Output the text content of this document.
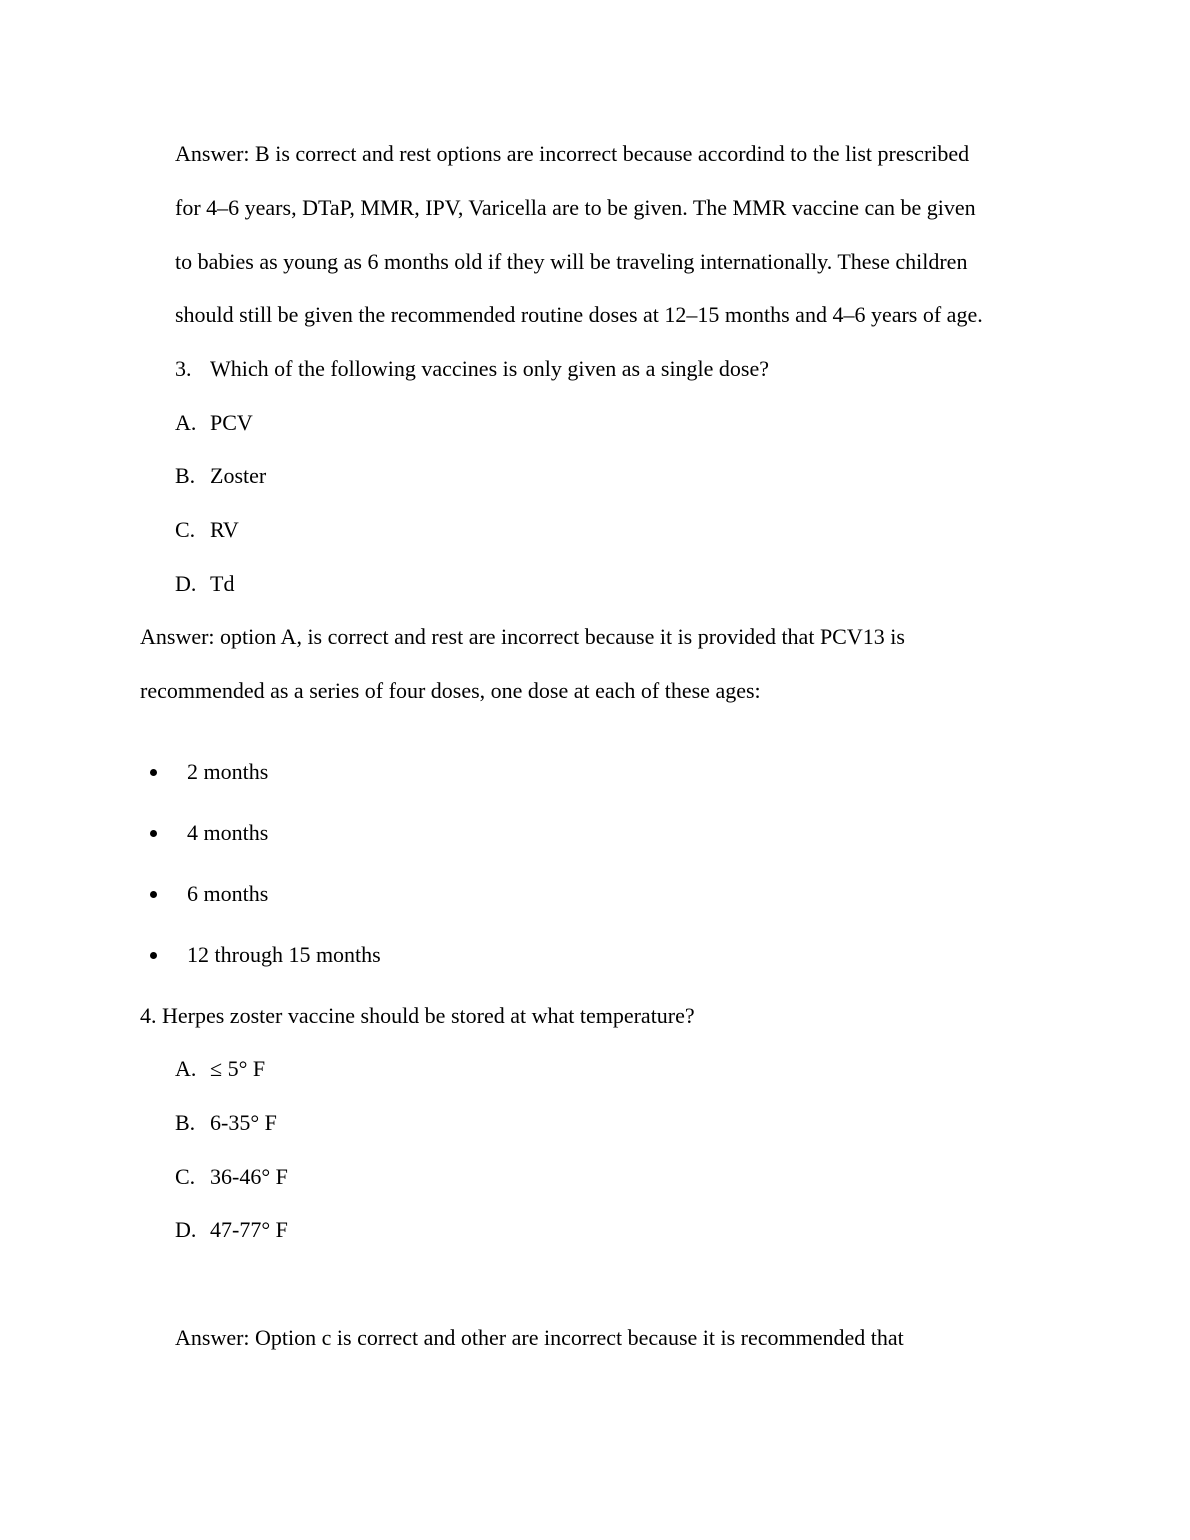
Answer: B is correct and rest options are incorrect because accordind to the list prescribed
for 4–6 years, DTaP, MMR, IPV, Varicella are to be given. The MMR vaccine can be given
to babies as young as 6 months old if they will be traveling internationally. These children
should still be given the recommended routine doses at 12–15 months and 4–6 years of age.
3. Which of the following vaccines is only given as a single dose?
A. PCV
B. Zoster
C. RV
D. Td
Answer: option A, is correct and rest are incorrect because it is provided that PCV13 is
recommended as a series of four doses, one dose at each of these ages:
2 months
4 months
6 months
12 through 15 months
4. Herpes zoster vaccine should be stored at what temperature?
A. ≤ 5° F
B. 6-35° F
C. 36-46° F
D. 47-77° F
Answer: Option c is correct and other are incorrect because it is recommended that
